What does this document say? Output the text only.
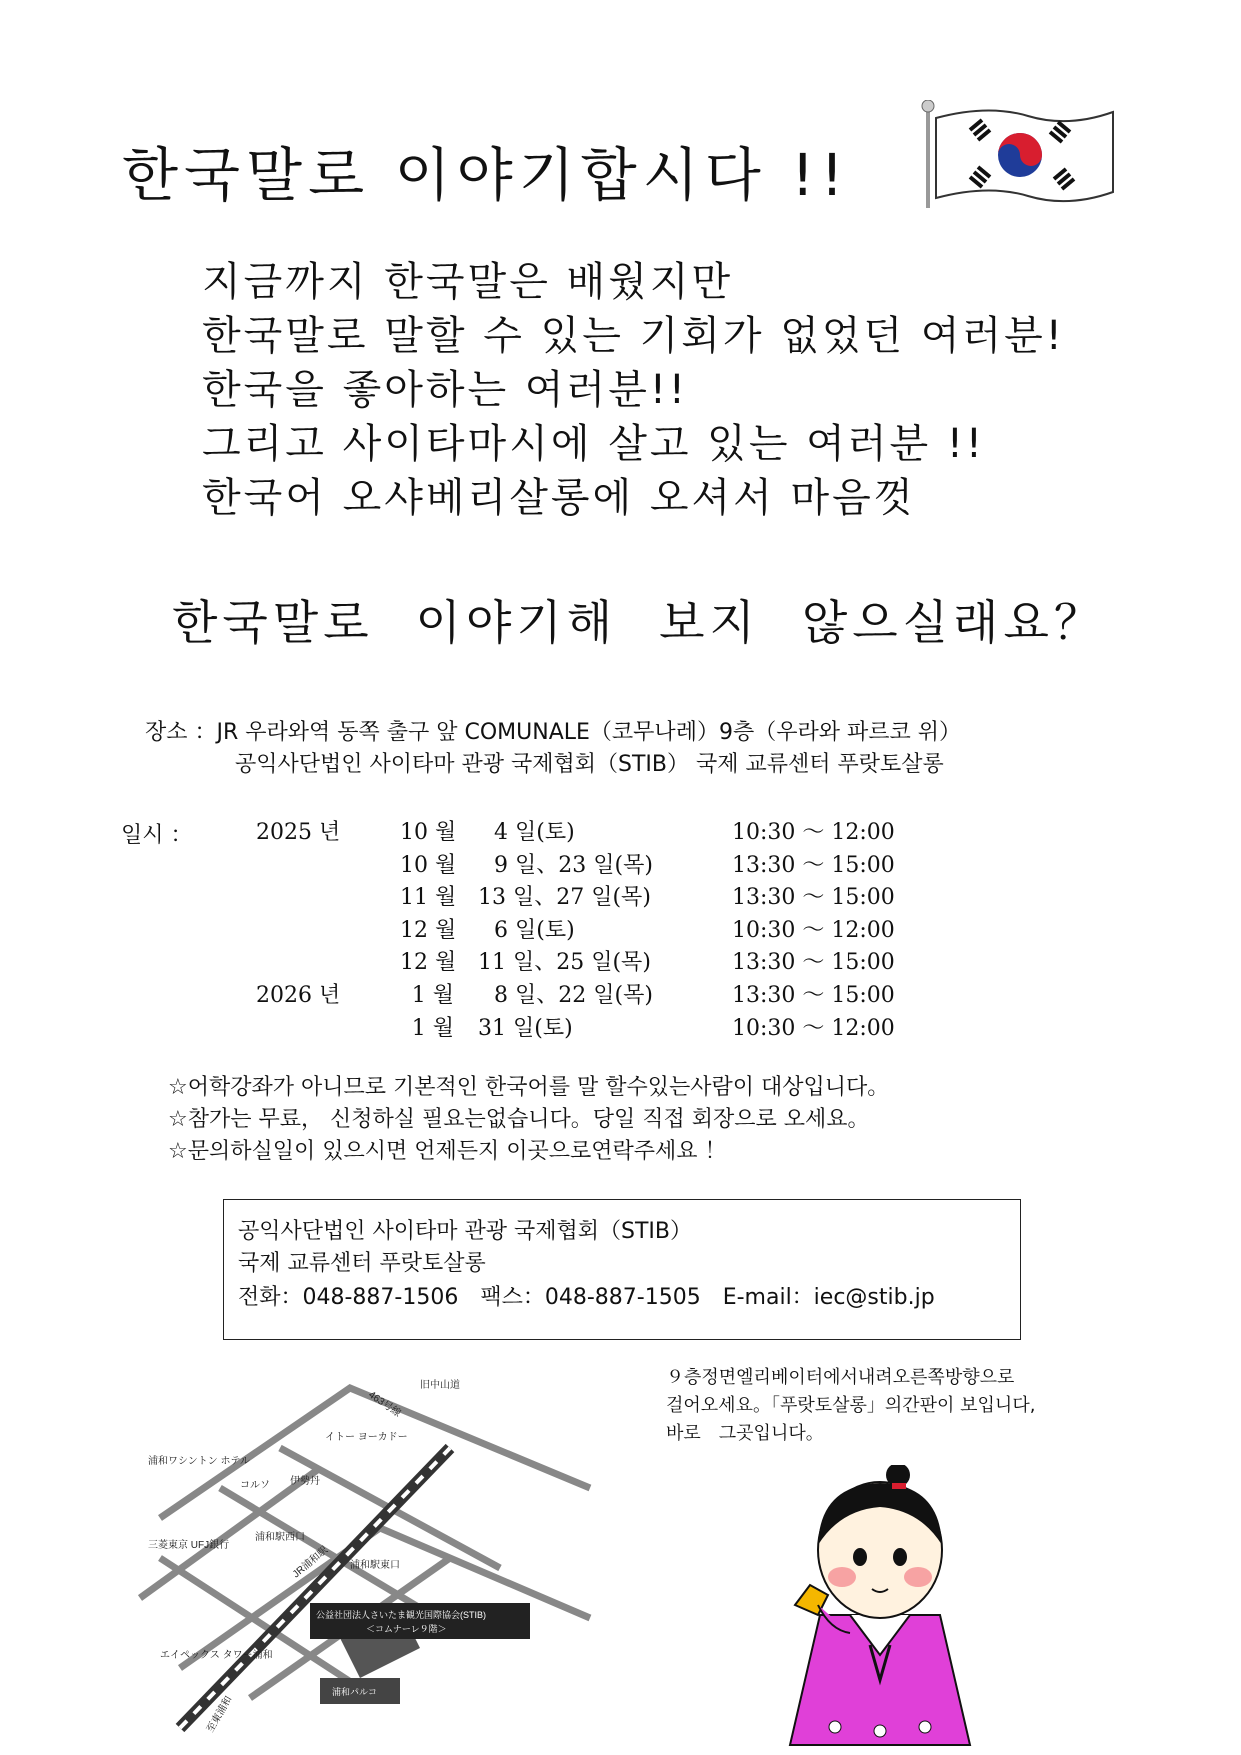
한국말로 이야기합시다 !!
지금까지 한국말은 배웠지만
한국말로 말할 수 있는 기회가 없었던 여러분!
한국을 좋아하는 여러분!!
그리고 사이타마시에 살고 있는 여러분 !!
한국어 오샤베리살롱에 오셔서 마음껏
한국말로 이야기해 보지 않으실래요？
장소 ：JR 우라와역 동쪽 출구 앞 COMUNALE（코무나레）9층（우라와 파르코 위）
공익사단법인 사이타마 관광 국제협회（STIB） 국제 교류센터 푸랏토살롱
일시 ：	2025 년	10 월 4 일(토)	10:30 ～ 12:00
10 월 9 일、23 일(목)	13:30 ～ 15:00
11 월 13 일、27 일(목)	13:30 ～ 15:00
12 월 6 일(토)	10:30 ～ 12:00
12 월 11 일、25 일(목)	13:30 ～ 15:00
2026 년	1 월 8 일、22 일(목)	13:30 ～ 15:00
1 월 31 일(토)	10:30 ～ 12:00
☆어학강좌가 아니므로 기본적인 한국어를 말 할수있는사람이 대상입니다。
☆참가는 무료， 신청하실 필요는없습니다。당일 직접 회장으로 오세요。
☆문의하실일이 있으시면 언제든지 이곳으로연락주세요 ！
공익사단법인 사이타마 관광 국제협회（STIB）
국제 교류센터 푸랏토살롱
전화：048-887-1506　팩스：048-887-1505　E-mail：iec@stib.jp
９층정면엘리베이터에서내려오른쪽방향으로
걸어오세요。「푸랏토살롱」의간판이 보입니다,
바로　그곳입니다。
463号線
旧中山道
イトー ヨーカドー
浦和ワシントン ホテル
コルソ 伊勢丹
浦和駅西口
三菱東京 UFJ銀行	JR浦和駅 浦和駅東口
エイペックス タワー浦和
至東浦和
公益社団法人さいたま観光国際協会(STIB)
＜コムナーレ９階＞
浦和パルコ
